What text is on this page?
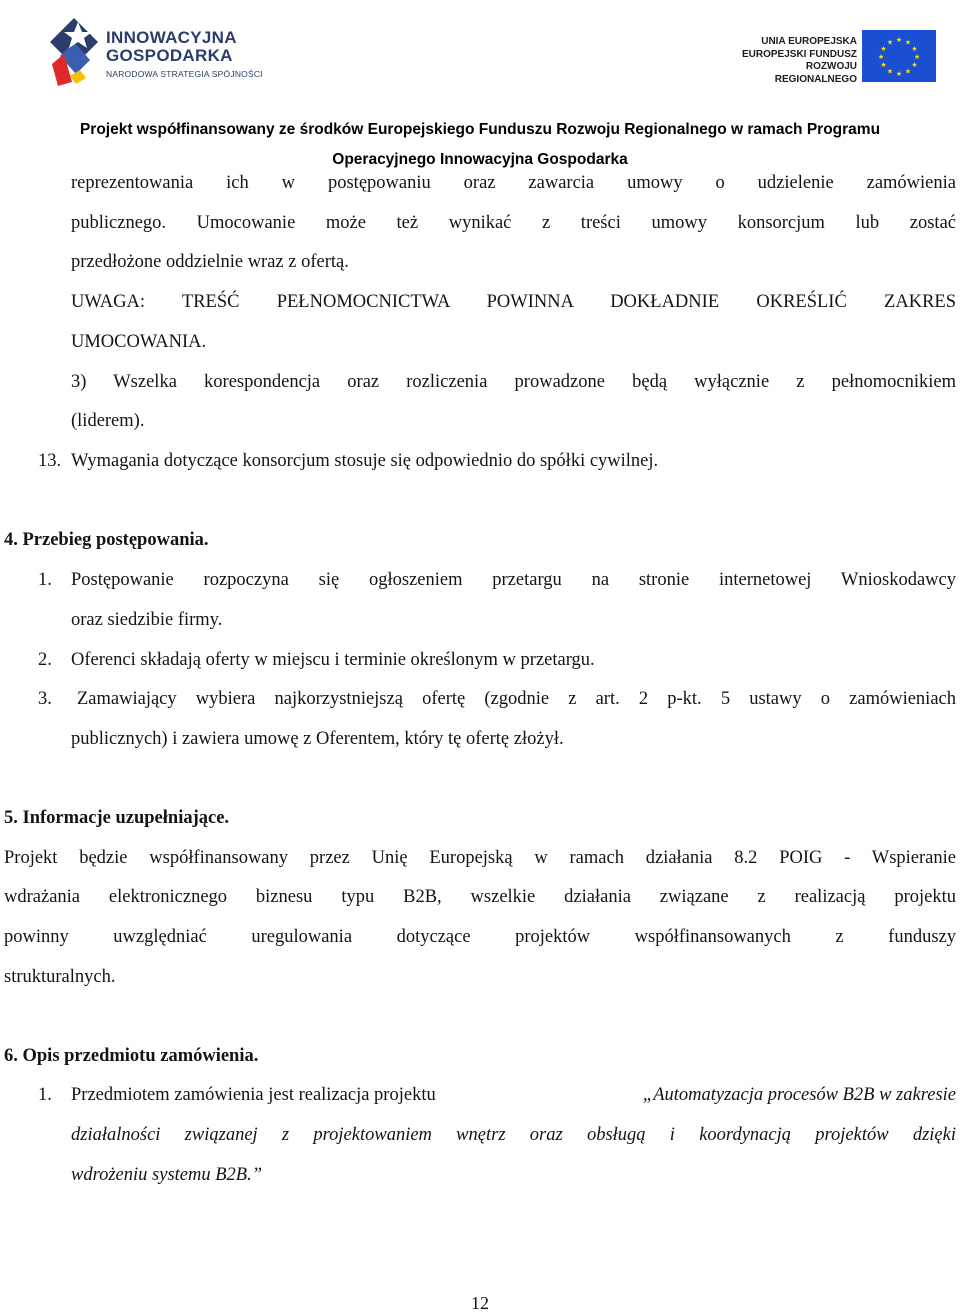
INNOWACYJNA
GOSPODARKA
NARODOWA STRATEGIA SPÓJNOŚCI
UNIA EUROPEJSKA
EUROPEJSKI FUNDUSZ
ROZWOJU REGIONALNEGO
★ ★
★
★
★
★
★
★
★
★
★
★
Projekt współfinansowany ze środków Europejskiego Funduszu Rozwoju Regionalnego w ramach Programu
Operacyjnego Innowacyjna Gospodarka
reprezentowania ich w postępowaniu oraz zawarcia umowy o udzielenie zamówienia
publicznego. Umocowanie może też wynikać z treści umowy konsorcjum lub zostać
przedłożone oddzielnie wraz z ofertą.
UWAGA: TREŚĆ PEŁNOMOCNICTWA POWINNA DOKŁADNIE OKREŚLIĆ ZAKRES
UMOCOWANIA.
3) Wszelka korespondencja oraz rozliczenia prowadzone będą wyłącznie z pełnomocnikiem
(liderem).
13. Wymagania dotyczące konsorcjum stosuje się odpowiednio do spółki cywilnej.
4. Przebieg postępowania.
1. Postępowanie rozpoczyna się ogłoszeniem przetargu na stronie internetowej Wnioskodawcy
oraz siedzibie firmy.
2. Oferenci składają oferty w miejscu i terminie określonym w przetargu.
3. Zamawiający wybiera najkorzystniejszą ofertę (zgodnie z art. 2 p-kt. 5 ustawy o zamówieniach
publicznych) i zawiera umowę z Oferentem, który tę ofertę złożył.
5. Informacje uzupełniające.
Projekt będzie współfinansowany przez Unię Europejską w ramach działania 8.2 POIG - Wspieranie
wdrażania elektronicznego biznesu typu B2B, wszelkie działania związane z realizacją projektu
powinny uwzględniać uregulowania dotyczące projektów współfinansowanych z funduszy
strukturalnych.
6. Opis przedmiotu zamówienia.
1. Przedmiotem zamówienia jest realizacja projektu	„Automatyzacja procesów B2B w zakresie
działalności związanej z projektowaniem wnętrz oraz obsługą i koordynacją projektów dzięki
wdrożeniu systemu B2B.”
12
